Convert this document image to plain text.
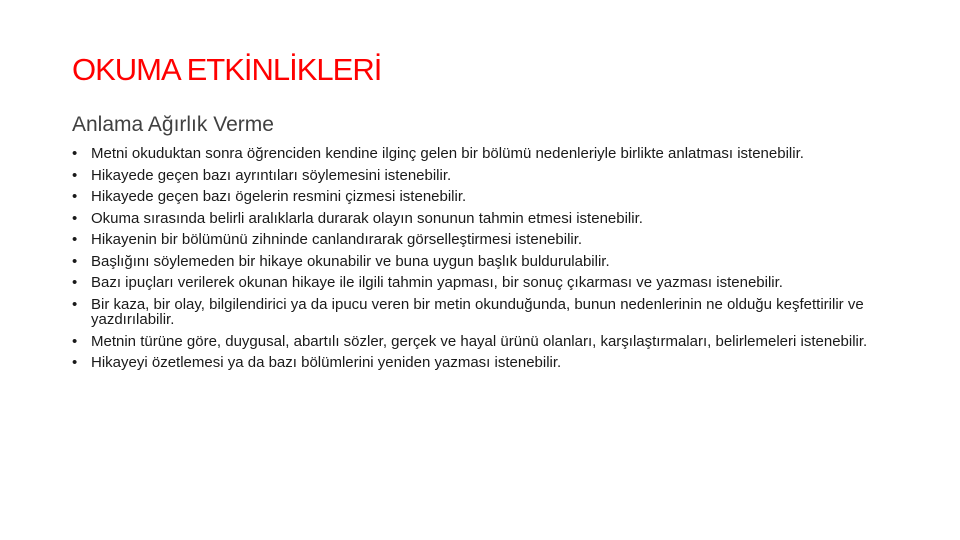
OKUMA ETKİNLİKLERİ
Anlama Ağırlık Verme
• Metni okuduktan sonra öğrenciden kendine ilginç gelen bir bölümü nedenleriyle birlikte anlatması istenebilir.
• Hikayede geçen bazı ayrıntıları söylemesini istenebilir.
• Hikayede geçen bazı ögelerin resmini çizmesi istenebilir.
• Okuma sırasında belirli aralıklarla durarak olayın sonunun tahmin etmesi istenebilir.
• Hikayenin bir bölümünü zihninde canlandırarak görselleştirmesi istenebilir.
• Başlığını söylemeden bir hikaye okunabilir ve buna uygun başlık buldurulabilir.
• Bazı ipuçları verilerek okunan hikaye ile ilgili tahmin yapması, bir sonuç çıkarması ve yazması istenebilir.
• Bir kaza, bir olay, bilgilendirici ya da ipucu veren bir metin okunduğunda, bunun nedenlerinin ne olduğu keşfettirilir ve yazdırılabilir.
• Metnin türüne göre, duygusal, abartılı sözler, gerçek ve hayal ürünü olanları, karşılaştırmaları, belirlemeleri istenebilir.
• Hikayeyi özetlemesi ya da bazı bölümlerini yeniden yazması istenebilir.
